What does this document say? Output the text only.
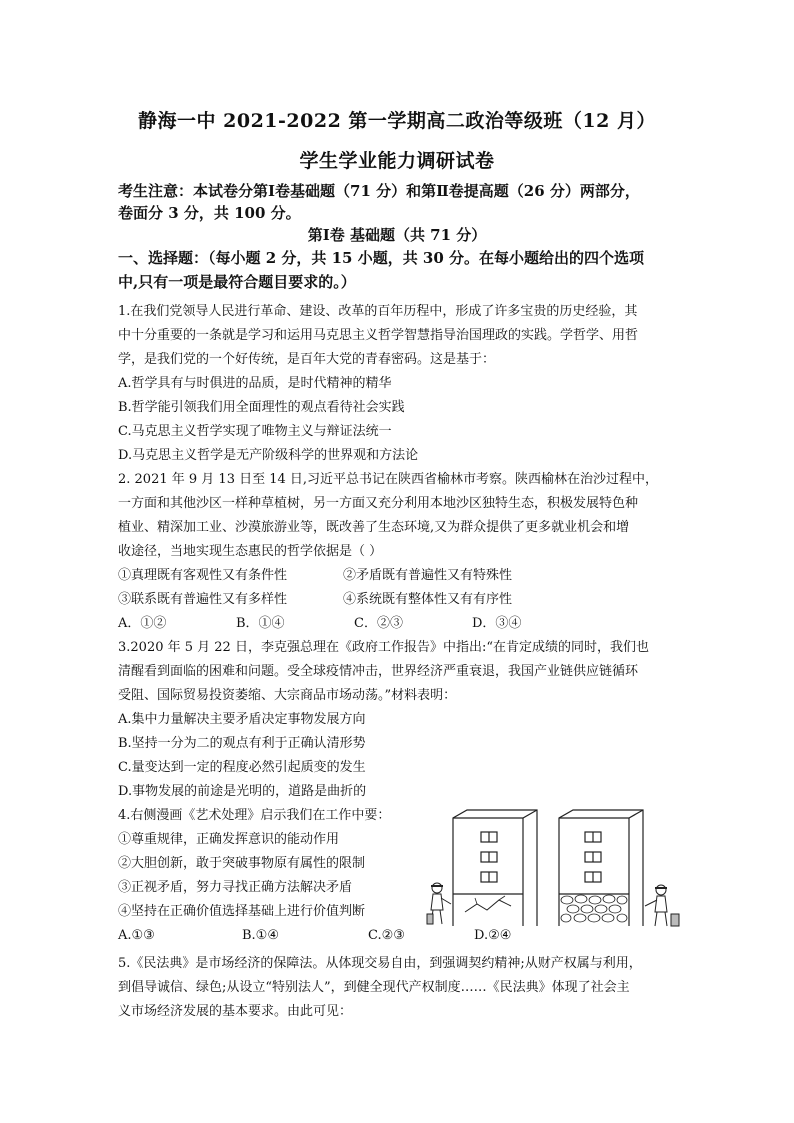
静海一中 2021-2022 第一学期高二政治等级班（12 月）
学生学业能力调研试卷
考生注意：本试卷分第Ⅰ卷基础题（71 分）和第Ⅱ卷提高题（26 分）两部分，
卷面分 3 分，共 100 分。
第Ⅰ卷 基础题（共 71 分）
一、选择题：（每小题 2 分，共 15 小题，共 30 分。在每小题给出的四个选项
中,只有一项是最符合题目要求的。）

1.在我们党领导人民进行革命、建设、改革的百年历程中，形成了许多宝贵的历史经验，其

中十分重要的一条就是学习和运用马克思主义哲学智慧指导治国理政的实践。学哲学、用哲

学，是我们党的一个好传统，是百年大党的青春密码。这是基于：

A.哲学具有与时俱进的品质，是时代精神的精华

B.哲学能引领我们用全面理性的观点看待社会实践

C.马克思主义哲学实现了唯物主义与辩证法统一

D.马克思主义哲学是无产阶级科学的世界观和方法论

2. 2021 年 9 月 13 日至 14 日,习近平总书记在陕西省榆林市考察。陕西榆林在治沙过程中，

一方面和其他沙区一样种草植树，另一方面又充分利用本地沙区独特生态，积极发展特色种

植业、精深加工业、沙漠旅游业等，既改善了生态环境,又为群众提供了更多就业机会和增

收途径，当地实现生态惠民的哲学依据是（ ）

①真理既有客观性又有条件性	②矛盾既有普遍性又有特殊性
③联系既有普遍性又有多样性	④系统既有整体性又有有序性
A．①②	B．①④	C．②③	D．③④

3.2020 年 5 月 22 日，李克强总理在《政府工作报告》中指出:“在肯定成绩的同时，我们也

清醒看到面临的困难和问题。受全球疫情冲击，世界经济严重衰退，我国产业链供应链循环

受阻、国际贸易投资萎缩、大宗商品市场动荡。”材料表明：

A.集中力量解决主要矛盾决定事物发展方向

B.坚持一分为二的观点有利于正确认清形势

C.量变达到一定的程度必然引起质变的发生

D.事物发展的前途是光明的，道路是曲折的

4.右侧漫画《艺术处理》启示我们在工作中要：

①尊重规律，正确发挥意识的能动作用

②大胆创新，敢于突破事物原有属性的限制

③正视矛盾，努力寻找正确方法解决矛盾

④坚持在正确价值选择基础上进行价值判断

A.①③	B.①④	C.②③	D.②④

5.《民法典》是市场经济的保障法。从体现交易自由，到强调契约精神;从财产权属与利用，

到倡导诚信、绿色;从设立“特别法人”，到健全现代产权制度……《民法典》体现了社会主

义市场经济发展的基本要求。由此可见：
